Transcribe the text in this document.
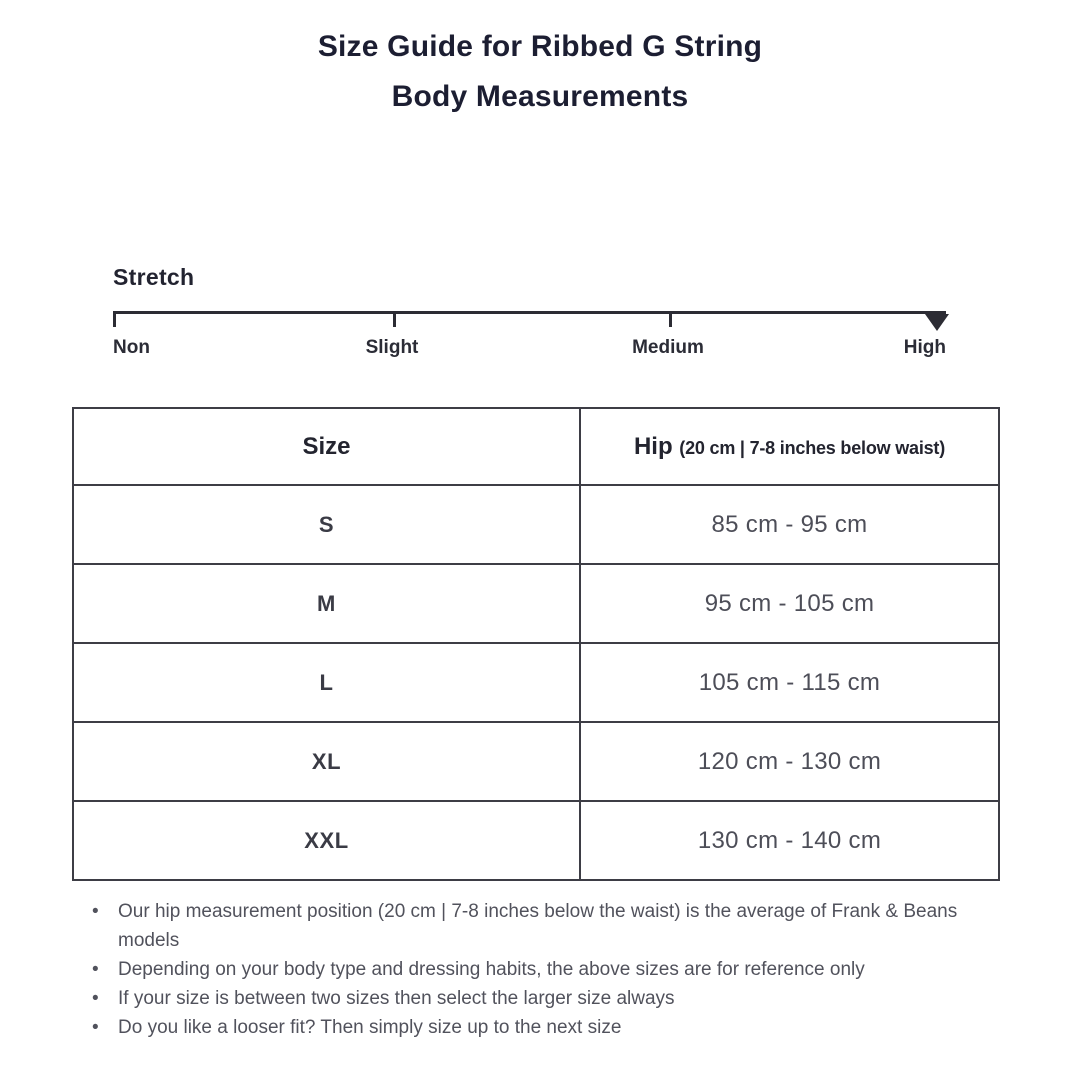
Size Guide for Ribbed G String
Body Measurements
Stretch
Non	Slight	Medium	High
Size	Hip (20 cm | 7-8 inches below waist)
S	85 cm - 95 cm
M	95 cm - 105 cm
L	105 cm - 115 cm
XL	120 cm - 130 cm
XXL	130 cm - 140 cm
•	Our hip measurement position (20 cm | 7-8 inches below the waist) is the average of Frank & Beans models
•	Depending on your body type and dressing habits, the above sizes are for reference only
•	If your size is between two sizes then select the larger size always
•	Do you like a looser fit? Then simply size up to the next size
